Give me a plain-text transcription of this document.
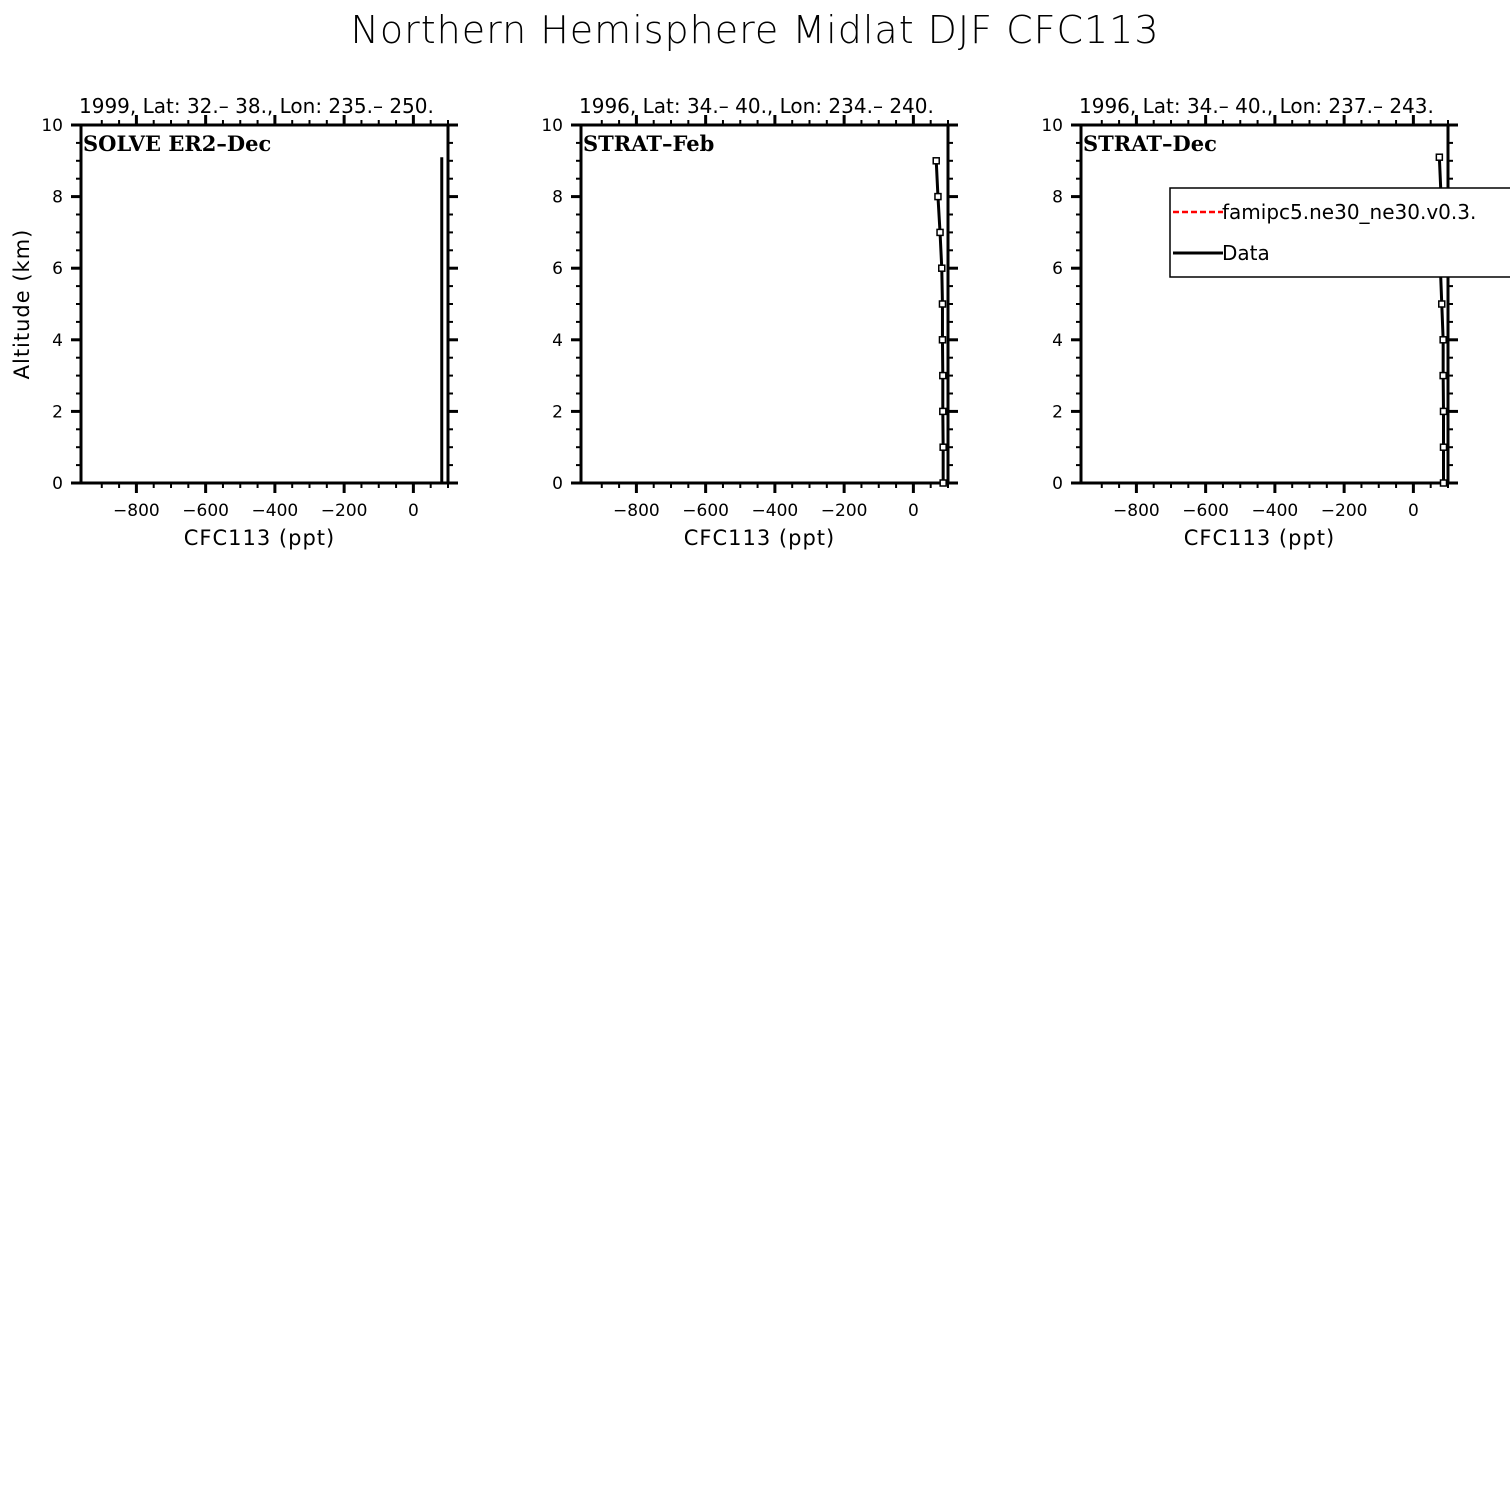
Northern Hemisphere Midlat DJF CFC113
Altitude (km)
0
2
4
6
8
10
−800 −600 −400 −200 0
1999, Lat: 32.– 38., Lon: 235.– 250.
CFC113 (ppt)
SOLVE ER2–Dec
0
2
4
6
8
10
−800 −600 −400 −200 0
1996, Lat: 34.– 40., Lon: 234.– 240.
CFC113 (ppt)
STRAT–Feb
0
2
4
6
8
10
−800 −600 −400 −200 0
1996, Lat: 34.– 40., Lon: 237.– 243.
CFC113 (ppt)
STRAT–Dec
famipc5.ne30_ne30.v0.3.
Data
